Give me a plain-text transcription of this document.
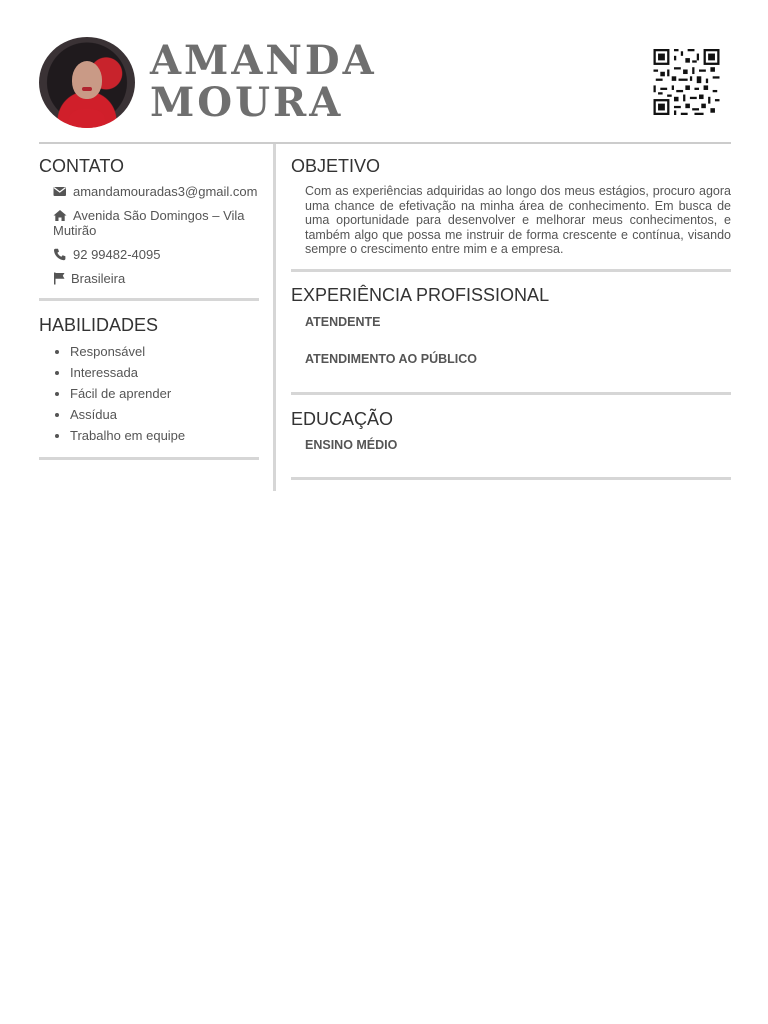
AMANDA
MOURA
CONTATO
amandamouradas3@gmail.com
Avenida São Domingos – Vila Mutirão
92 99482-4095
Brasileira
HABILIDADES
• Responsável
• Interessada
• Fácil de aprender
• Assídua
• Trabalho em equipe
OBJETIVO

Com as experiências adquiridas ao longo dos meus estágios, procuro agora uma chance de efetivação na minha área de conhecimento. Em busca de uma oportunidade para desenvolver e melhorar meus conhecimentos, e também algo que possa me instruir de forma crescente e contínua, visando sempre o crescimento entre mim e a empresa.

EXPERIÊNCIA PROFISSIONAL
ATENDENTE
ATENDIMENTO AO PÚBLICO
EDUCAÇÃO
ENSINO MÉDIO
